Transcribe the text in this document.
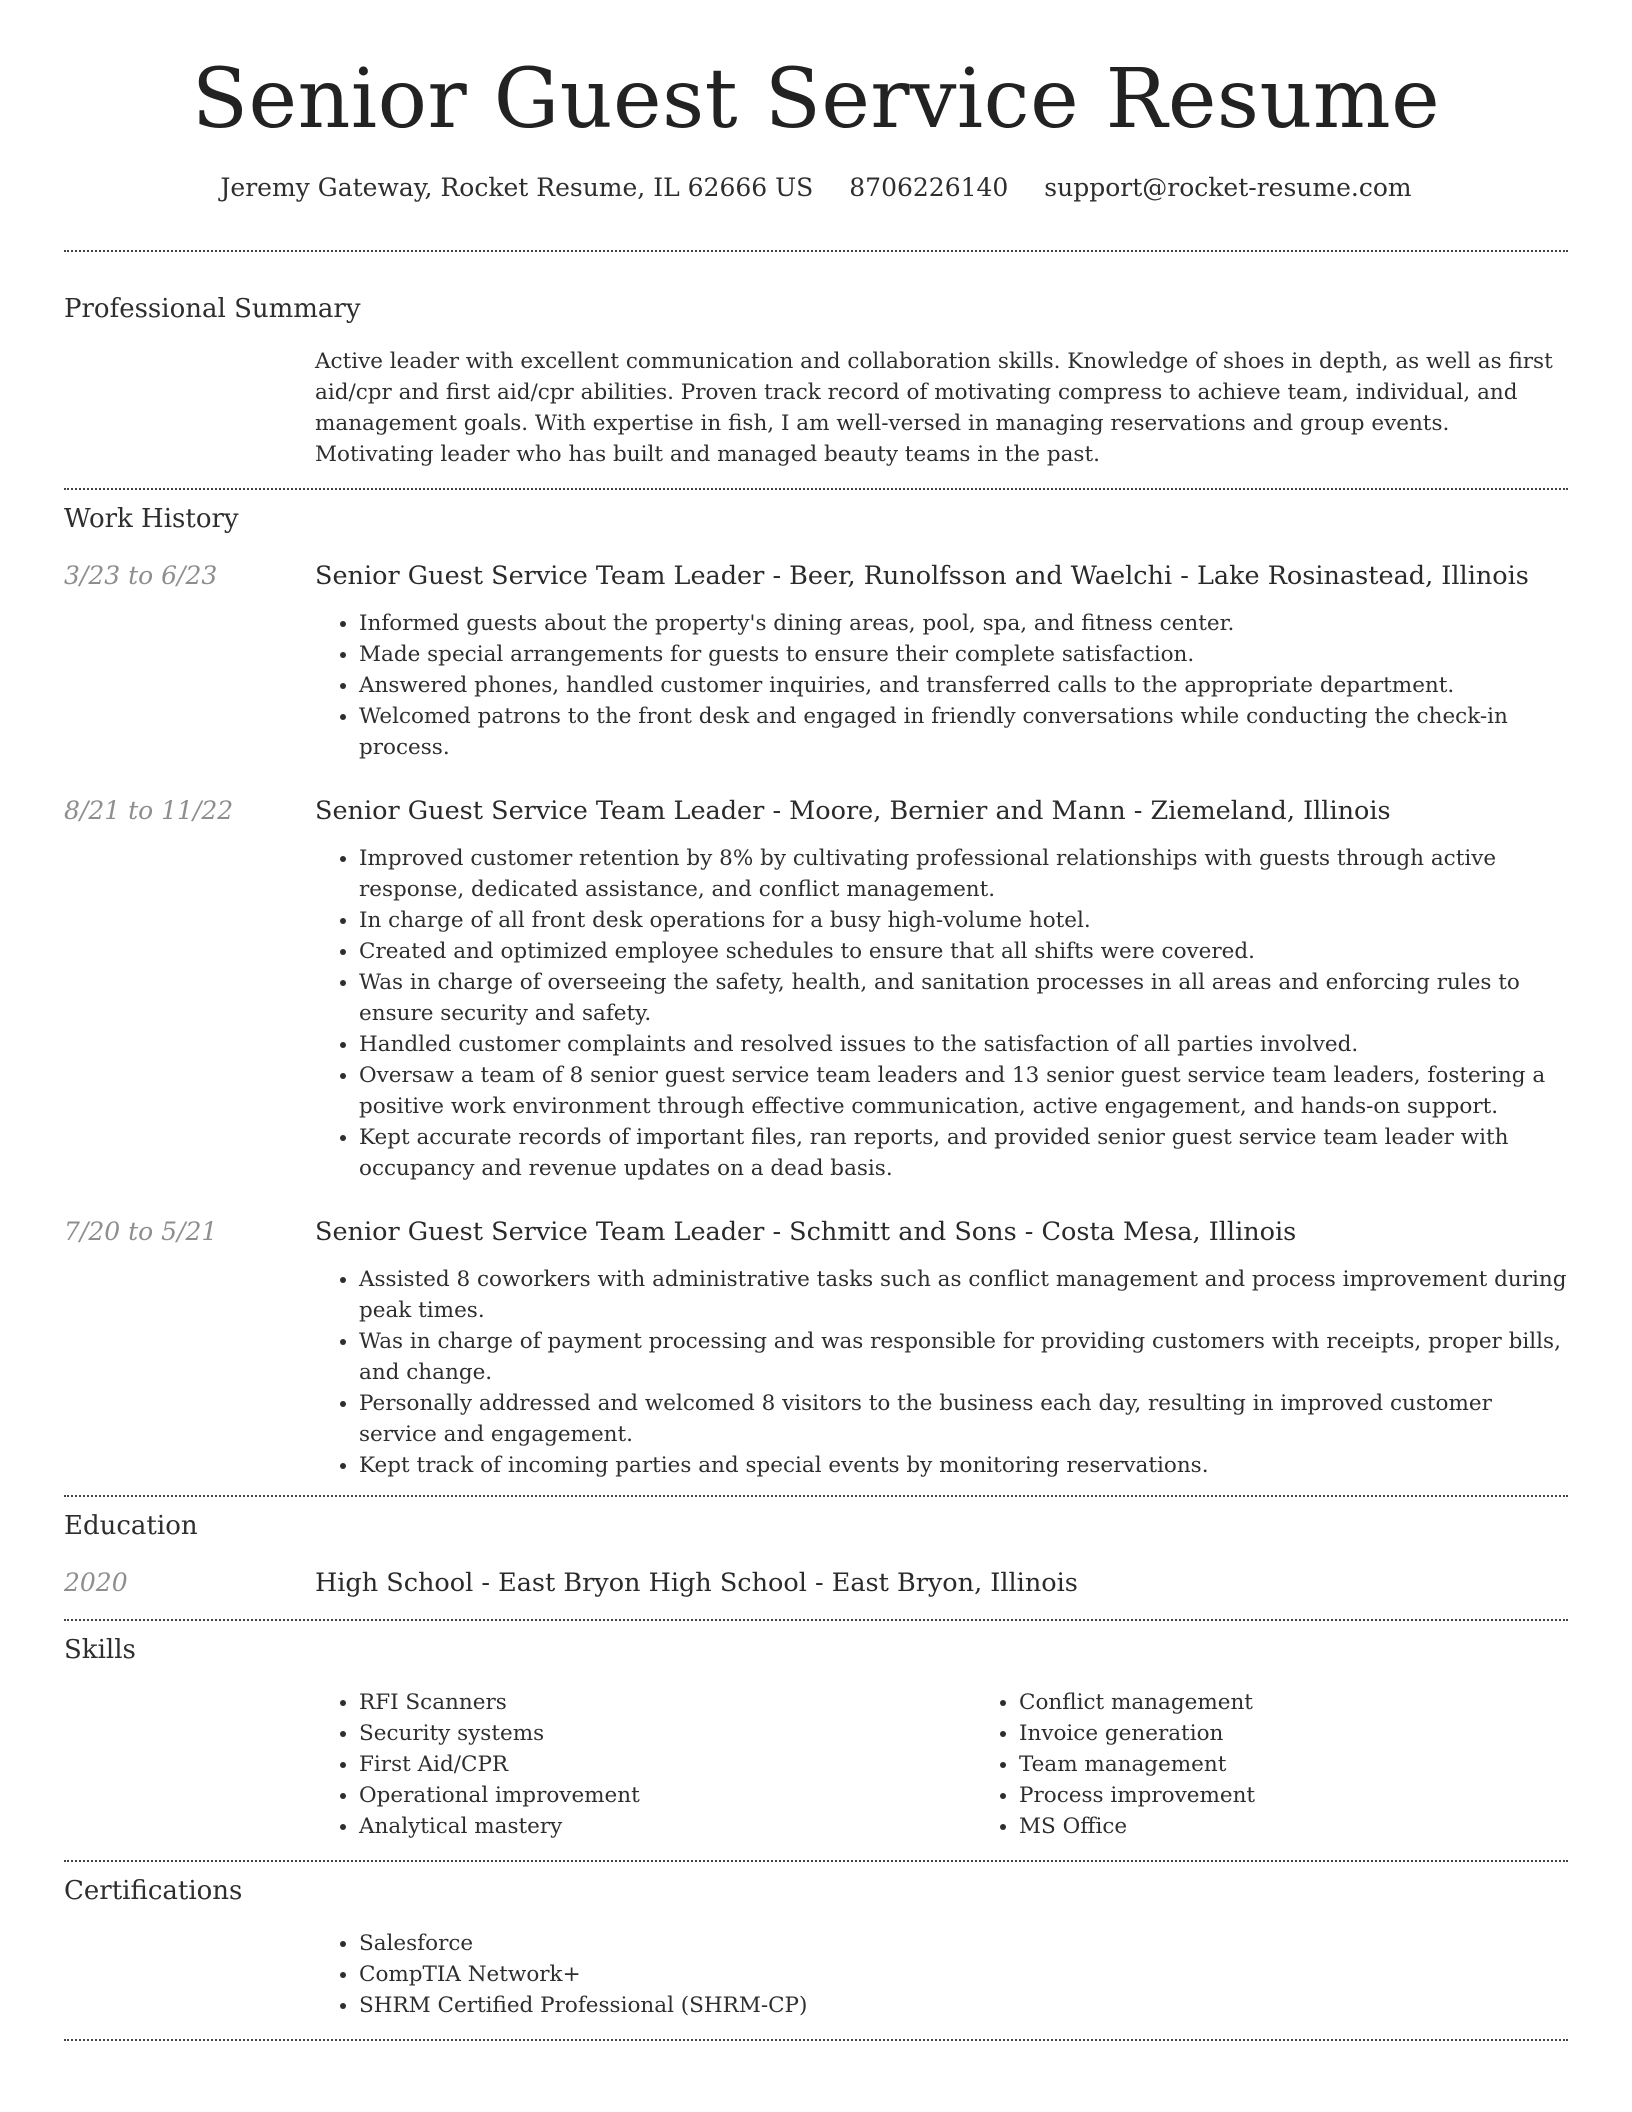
Senior Guest Service Resume
Jeremy Gateway, Rocket Resume, IL 62666 US 8706226140 support@rocket-resume.com
Professional Summary
Active leader with excellent communication and collaboration skills. Knowledge of shoes in depth, as well as first aid/cpr and first aid/cpr abilities. Proven track record of motivating compress to achieve team, individual, and management goals. With expertise in fish, I am well-versed in managing reservations and group events. Motivating leader who has built and managed beauty teams in the past.
Work History
3/23 to 6/23	Senior Guest Service Team Leader - Beer, Runolfsson and Waelchi - Lake Rosinastead, Illinois
• Informed guests about the property's dining areas, pool, spa, and fitness center.
• Made special arrangements for guests to ensure their complete satisfaction.
• Answered phones, handled customer inquiries, and transferred calls to the appropriate department.
• Welcomed patrons to the front desk and engaged in friendly conversations while conducting the check-in process.
8/21 to 11/22	Senior Guest Service Team Leader - Moore, Bernier and Mann - Ziemeland, Illinois
• Improved customer retention by 8% by cultivating professional relationships with guests through active response, dedicated assistance, and conflict management.
• In charge of all front desk operations for a busy high-volume hotel.
• Created and optimized employee schedules to ensure that all shifts were covered.
• Was in charge of overseeing the safety, health, and sanitation processes in all areas and enforcing rules to ensure security and safety.
• Handled customer complaints and resolved issues to the satisfaction of all parties involved.
• Oversaw a team of 8 senior guest service team leaders and 13 senior guest service team leaders, fostering a positive work environment through effective communication, active engagement, and hands-on support.
• Kept accurate records of important files, ran reports, and provided senior guest service team leader with occupancy and revenue updates on a dead basis.
7/20 to 5/21	Senior Guest Service Team Leader - Schmitt and Sons - Costa Mesa, Illinois
• Assisted 8 coworkers with administrative tasks such as conflict management and process improvement during peak times.
• Was in charge of payment processing and was responsible for providing customers with receipts, proper bills, and change.
• Personally addressed and welcomed 8 visitors to the business each day, resulting in improved customer service and engagement.
• Kept track of incoming parties and special events by monitoring reservations.
Education
2020	High School - East Bryon High School - East Bryon, Illinois
Skills
• RFI Scanners
• Security systems
• First Aid/CPR
• Operational improvement
• Analytical mastery
• Conflict management
• Invoice generation
• Team management
• Process improvement
• MS Office
Certifications
• Salesforce
• CompTIA Network+
• SHRM Certified Professional (SHRM-CP)
